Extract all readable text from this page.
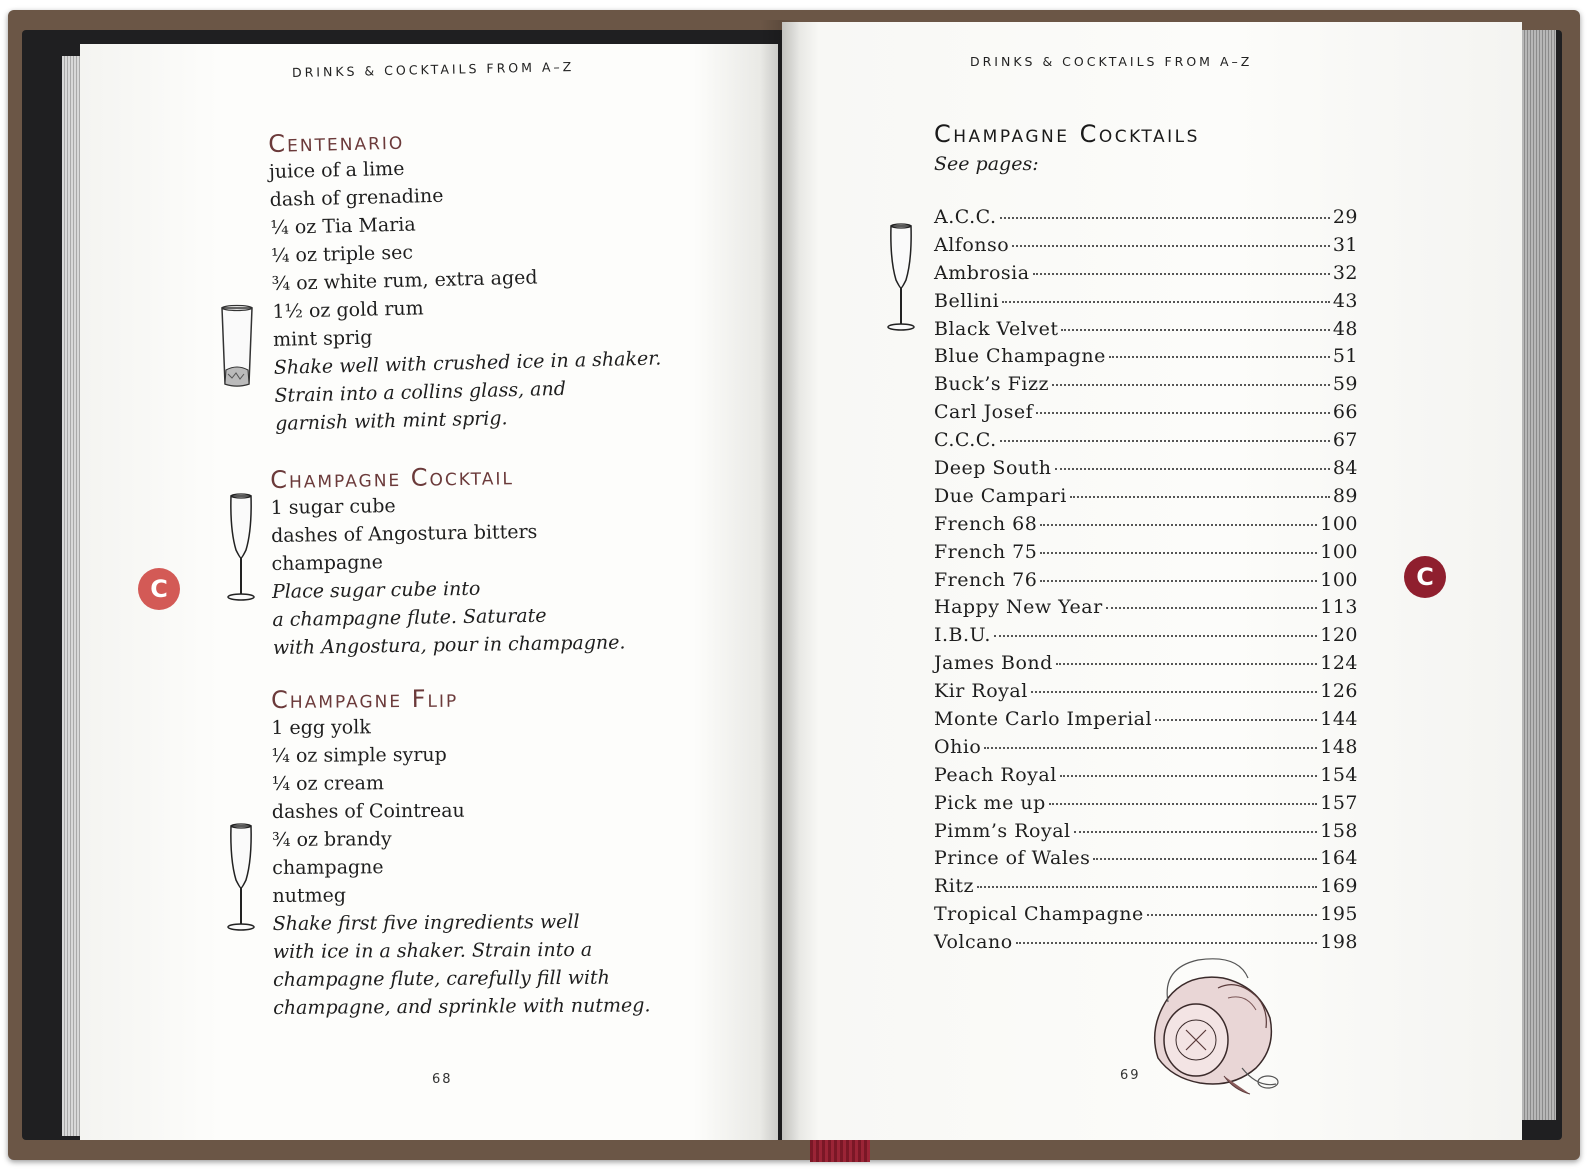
DRINKS & COCKTAILS FROM A–Z
C
Centenario
juice of a lime
dash of grenadine
¼ oz Tia Maria
¼ oz triple sec
¾ oz white rum, extra aged
1½ oz gold rum
mint sprig
Shake well with crushed ice in a shaker.
Strain into a collins glass, and
garnish with mint sprig.
Champagne Cocktail
1 sugar cube
dashes of Angostura bitters
champagne
Place sugar cube into
a champagne flute. Saturate
with Angostura, pour in champagne.
Champagne Flip
1 egg yolk
¼ oz simple syrup
¼ oz cream
dashes of Cointreau
¾ oz brandy
champagne
nutmeg
Shake first five ingredients well
with ice in a shaker. Strain into a
champagne flute, carefully fill with
champagne, and sprinkle with nutmeg.
68
DRINKS & COCKTAILS FROM A–Z
Champagne Cocktails
See pages:
A.C.C.	29
Alfonso	31
Ambrosia	32
Bellini	43
Black Velvet	48
Blue Champagne	51
Buck’s Fizz	59
Carl Josef	66
C.C.C.	67
Deep South	84
Due Campari	89
French 68	100
French 75	100
French 76	100
Happy New Year	113
I.B.U.	120
James Bond	124
Kir Royal	126
Monte Carlo Imperial	144
Ohio	148
Peach Royal	154
Pick me up	157
Pimm’s Royal	158
Prince of Wales	164
Ritz	169
Tropical Champagne	195
Volcano	198
C
69
